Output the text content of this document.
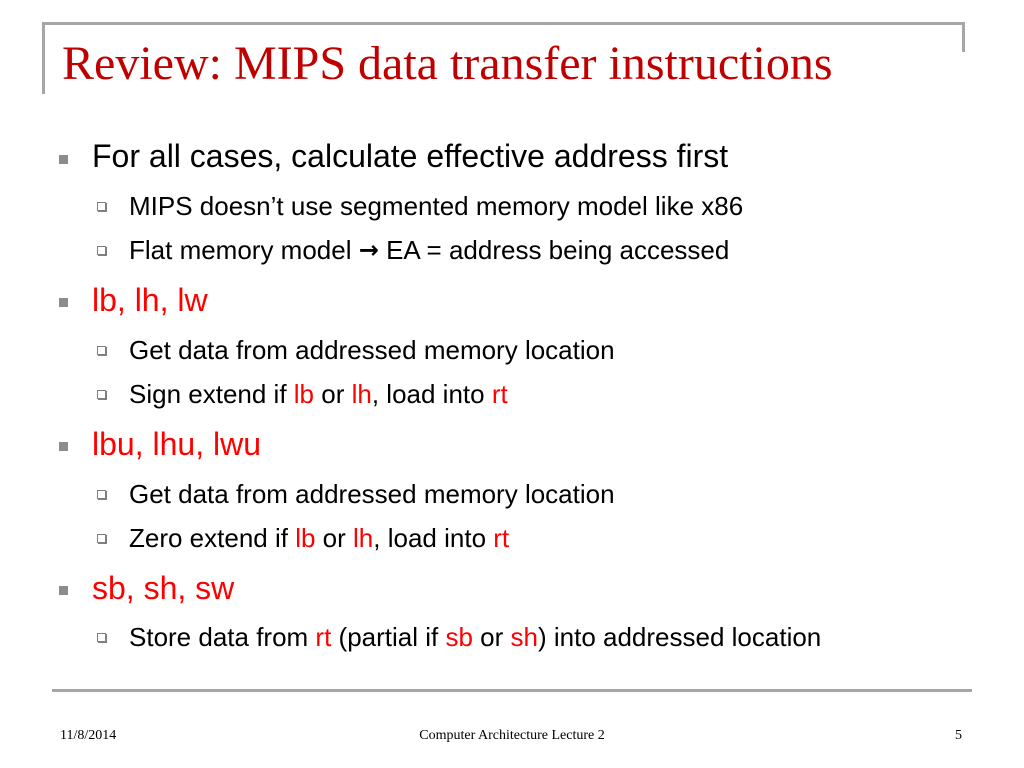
Review: MIPS data transfer instructions
For all cases, calculate effective address first
MIPS doesn’t use segmented memory model like x86
Flat memory model → EA = address being accessed
lb, lh, lw
Get data from addressed memory location
Sign extend if lb or lh, load into rt
lbu, lhu, lwu
Get data from addressed memory location
Zero extend if lb or lh, load into rt
sb, sh, sw
Store data from rt (partial if sb or sh) into addressed location
11/8/2014	Computer Architecture Lecture 2	5
